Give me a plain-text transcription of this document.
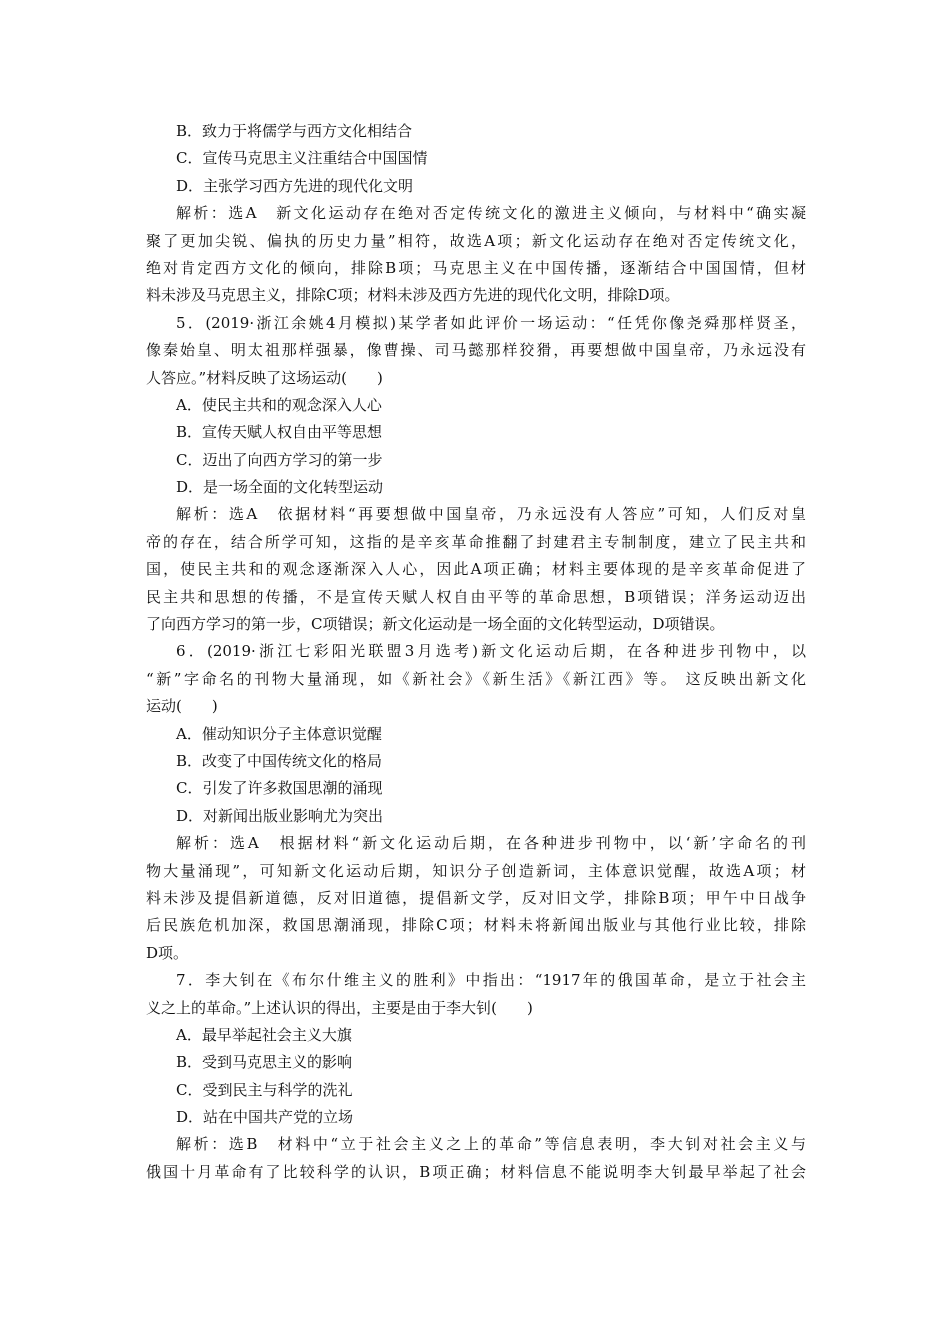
B．致力于将儒学与西方文化相结合
C．宣传马克思主义注重结合中国国情
D．主张学习西方先进的现代化文明
解析：选A　新文化运动存在绝对否定传统文化的激进主义倾向，与材料中“确实凝
聚了更加尖锐、偏执的历史力量”相符，故选A项；新文化运动存在绝对否定传统文化，
绝对肯定西方文化的倾向，排除B项；马克思主义在中国传播，逐渐结合中国国情，但材
料未涉及马克思主义，排除C项；材料未涉及西方先进的现代化文明，排除D项。
5．(2019·浙江余姚4月模拟)某学者如此评价一场运动：“任凭你像尧舜那样贤圣，
像秦始皇、明太祖那样强暴，像曹操、司马懿那样狡猾，再要想做中国皇帝，乃永远没有
人答应。”材料反映了这场运动(　　)
A．使民主共和的观念深入人心
B．宣传天赋人权自由平等思想
C．迈出了向西方学习的第一步
D．是一场全面的文化转型运动
解析：选A　依据材料“再要想做中国皇帝，乃永远没有人答应”可知，人们反对皇
帝的存在，结合所学可知，这指的是辛亥革命推翻了封建君主专制制度，建立了民主共和
国，使民主共和的观念逐渐深入人心，因此A项正确；材料主要体现的是辛亥革命促进了
民主共和思想的传播，不是宣传天赋人权自由平等的革命思想，B项错误；洋务运动迈出
了向西方学习的第一步，C项错误；新文化运动是一场全面的文化转型运动，D项错误。
6．(2019·浙江七彩阳光联盟3月选考)新文化运动后期，在各种进步刊物中，以
“新”字命名的刊物大量涌现，如《新社会》《新生活》《新江西》等。 这反映出新文化
运动(　　)
A．催动知识分子主体意识觉醒
B．改变了中国传统文化的格局
C．引发了许多救国思潮的涌现
D．对新闻出版业影响尤为突出
解析：选A　根据材料“新文化运动后期，在各种进步刊物中，以‘新’字命名的刊
物大量涌现”，可知新文化运动后期，知识分子创造新词，主体意识觉醒，故选A项；材
料未涉及提倡新道德，反对旧道德，提倡新文学，反对旧文学，排除B项；甲午中日战争
后民族危机加深，救国思潮涌现，排除C项；材料未将新闻出版业与其他行业比较，排除
D项。
7．李大钊在《布尔什维主义的胜利》中指出：“1917年的俄国革命，是立于社会主
义之上的革命。”上述认识的得出，主要是由于李大钊(　　)
A．最早举起社会主义大旗
B．受到马克思主义的影响
C．受到民主与科学的洗礼
D．站在中国共产党的立场
解析：选B　材料中“立于社会主义之上的革命”等信息表明，李大钊对社会主义与
俄国十月革命有了比较科学的认识，B项正确；材料信息不能说明李大钊最早举起了社会
